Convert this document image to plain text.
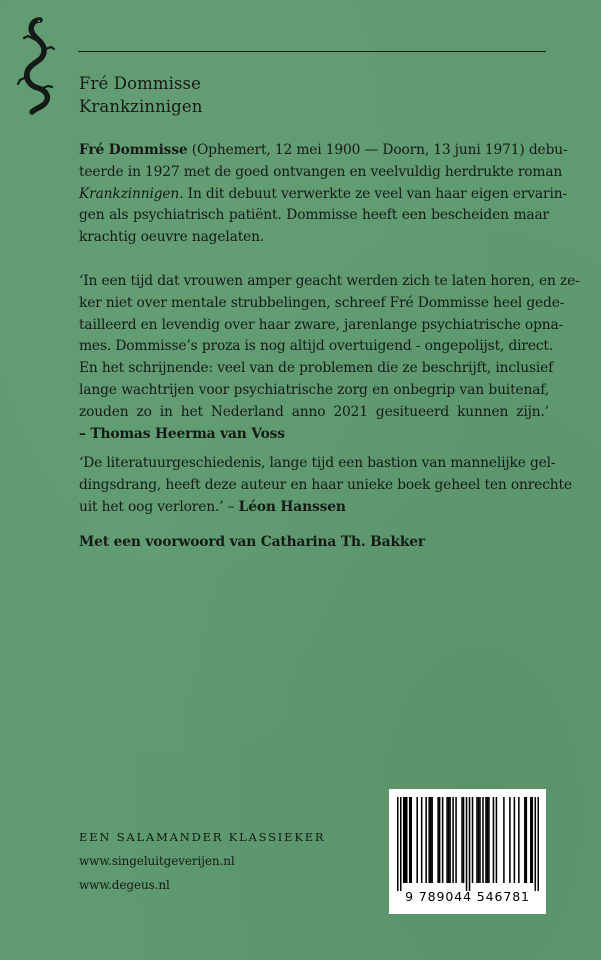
Fré Dommisse
Krankzinnigen
Fré Dommisse (Ophemert, 12 mei 1900 — Doorn, 13 juni 1971) debu-
teerde in 1927 met de goed ontvangen en veelvuldig herdrukte roman
Krankzinnigen. In dit debuut verwerkte ze veel van haar eigen ervarin-
gen als psychiatrisch patiënt. Dommisse heeft een bescheiden maar
krachtig oeuvre nagelaten.
‘In een tijd dat vrouwen amper geacht werden zich te laten horen, en ze-
ker niet over mentale strubbelingen, schreef Fré Dommisse heel gede-
tailleerd en levendig over haar zware, jarenlange psychiatrische opna-
mes. Dommisse’s proza is nog altijd overtuigend - ongepolijst, direct.
En het schrijnende: veel van de problemen die ze beschrijft, inclusief
lange wachtrijen voor psychiatrische zorg en onbegrip van buitenaf,
zouden zo in het Nederland anno 2021 gesitueerd kunnen zijn.’
– Thomas Heerma van Voss
‘De literatuurgeschiedenis, lange tijd een bastion van mannelijke gel-
dingsdrang, heeft deze auteur en haar unieke boek geheel ten onrechte
uit het oog verloren.’ – Léon Hanssen
Met een voorwoord van Catharina Th. Bakker
EEN SALAMANDER KLASSIEKER
www.singeluitgeverijen.nl
www.degeus.nl
9 789044 546781
